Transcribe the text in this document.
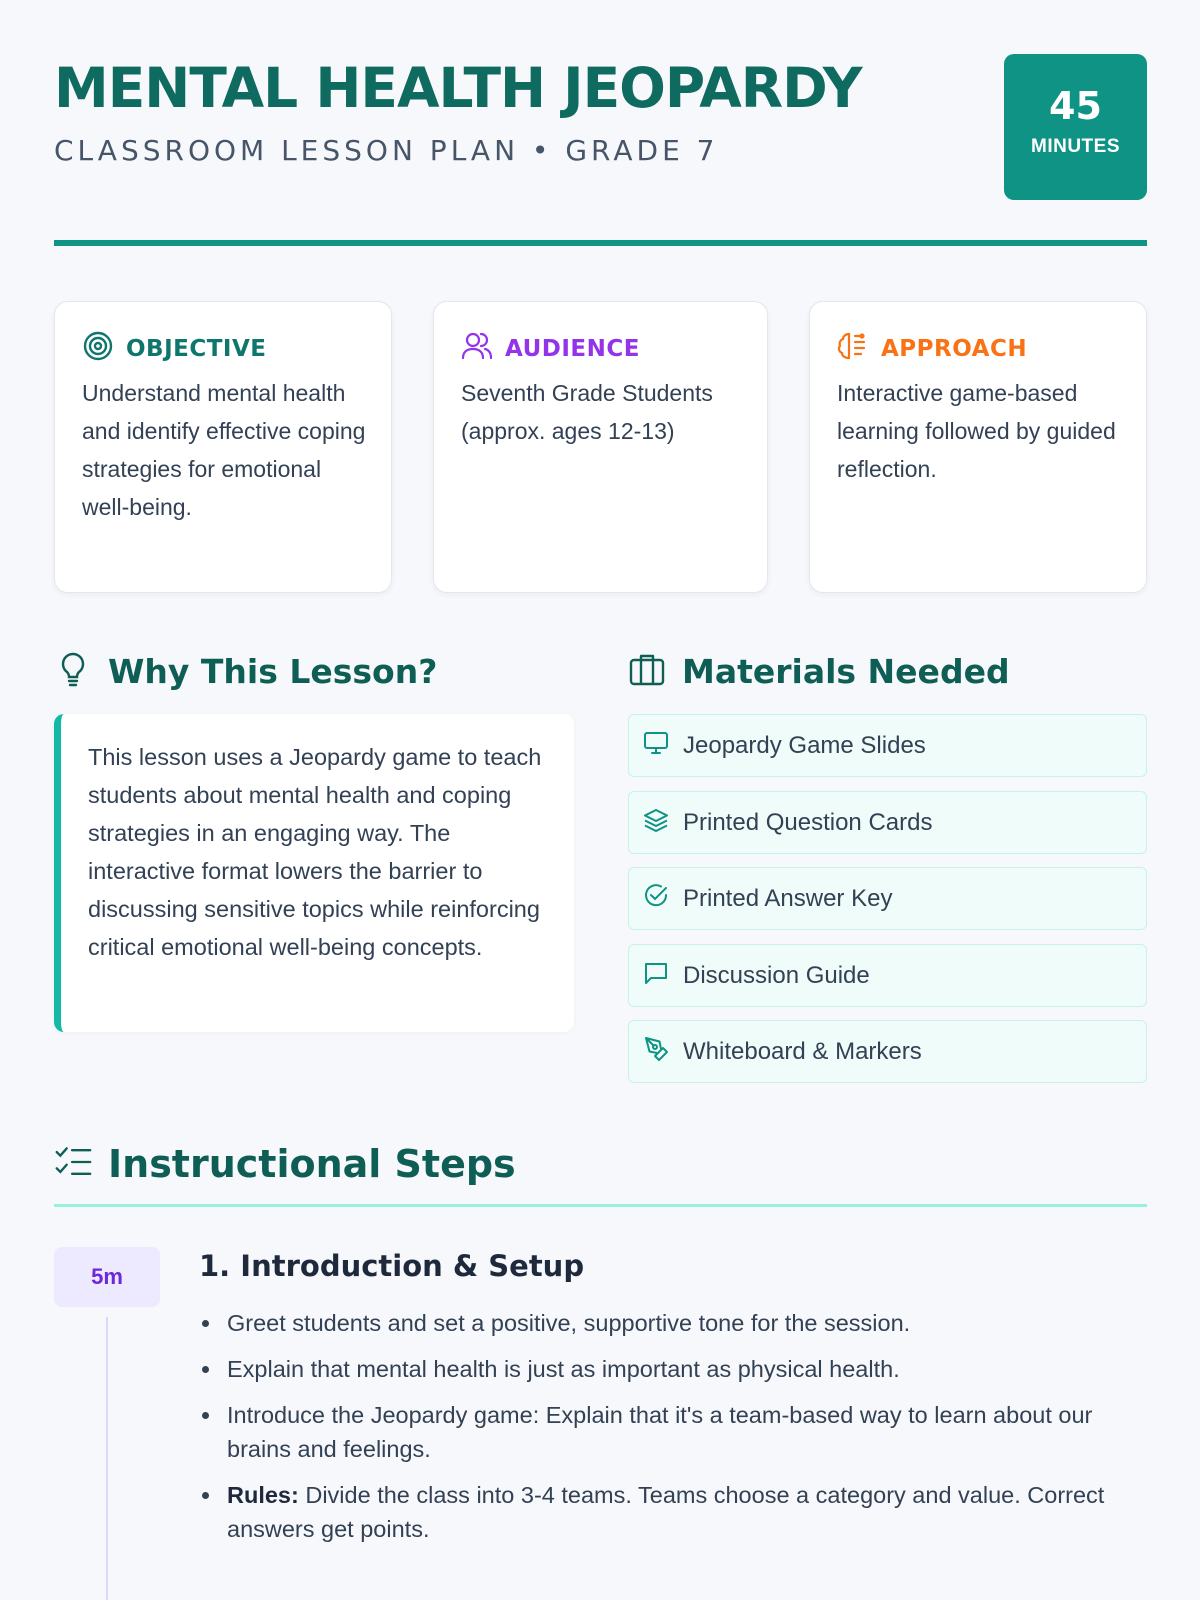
MENTAL HEALTH JEOPARDY
CLASSROOM LESSON PLAN • GRADE 7
45
MINUTES
OBJECTIVE

Understand mental health and identify effective coping strategies for emotional well-being.

AUDIENCE

Seventh Grade Students (approx. ages 12-13)

APPROACH

Interactive game-based learning followed by guided reflection.

Why This Lesson?

This lesson uses a Jeopardy game to teach students about mental health and coping strategies in an engaging way. The interactive format lowers the barrier to discussing sensitive topics while reinforcing critical emotional well-being concepts.

Materials Needed
Jeopardy Game Slides
Printed Question Cards
Printed Answer Key
Discussion Guide
Whiteboard & Markers
Instructional Steps
5m	1. Introduction & Setup
Greet students and set a positive, supportive tone for the session.
Explain that mental health is just as important as physical health.
Introduce the Jeopardy game: Explain that it's a team-based way to learn about our brains and feelings.
Rules: Divide the class into 3-4 teams. Teams choose a category and value. Correct answers get points.
